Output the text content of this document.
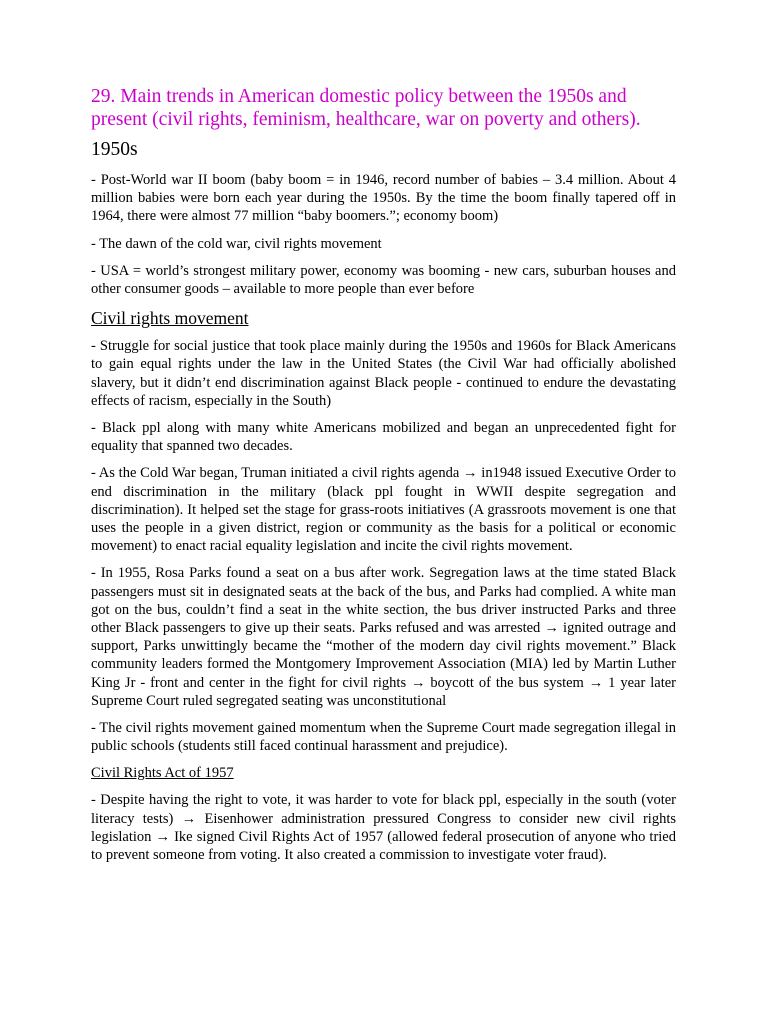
29. Main trends in American domestic policy between the 1950s and present (civil rights, feminism, healthcare, war on poverty and others).
1950s

- Post-World war II boom (baby boom = in 1946, record number of babies – 3.4 million. About 4 million babies were born each year during the 1950s. By the time the boom finally tapered off in 1964, there were almost 77 million “baby boomers.”; economy boom)

- The dawn of the cold war, civil rights movement

- USA = world’s strongest military power, economy was booming - new cars, suburban houses and other consumer goods – available to more people than ever before

Civil rights movement

- Struggle for social justice that took place mainly during the 1950s and 1960s for Black Americans to gain equal rights under the law in the United States (the Civil War had officially abolished slavery, but it didn’t end discrimination against Black people - continued to endure the devastating effects of racism, especially in the South)

- Black ppl along with many white Americans mobilized and began an unprecedented fight for equality that spanned two decades.

- As the Cold War began, Truman initiated a civil rights agenda → in1948 issued Executive Order to end discrimination in the military (black ppl fought in WWII despite segregation and discrimination). It helped set the stage for grass-roots initiatives (A grassroots movement is one that uses the people in a given district, region or community as the basis for a political or economic movement) to enact racial equality legislation and incite the civil rights movement.

- In 1955, Rosa Parks found a seat on a bus after work. Segregation laws at the time stated Black passengers must sit in designated seats at the back of the bus, and Parks had complied. A white man got on the bus, couldn’t find a seat in the white section, the bus driver instructed Parks and three other Black passengers to give up their seats. Parks refused and was arrested → ignited outrage and support, Parks unwittingly became the “mother of the modern day civil rights movement.” Black community leaders formed the Montgomery Improvement Association (MIA) led by Martin Luther King Jr - front and center in the fight for civil rights → boycott of the bus system → 1 year later Supreme Court ruled segregated seating was unconstitutional

- The civil rights movement gained momentum when the Supreme Court made segregation illegal in public schools (students still faced continual harassment and prejudice).

Civil Rights Act of 1957

- Despite having the right to vote, it was harder to vote for black ppl, especially in the south (voter literacy tests) → Eisenhower administration pressured Congress to consider new civil rights legislation → Ike signed Civil Rights Act of 1957 (allowed federal prosecution of anyone who tried to prevent someone from voting. It also created a commission to investigate voter fraud).
